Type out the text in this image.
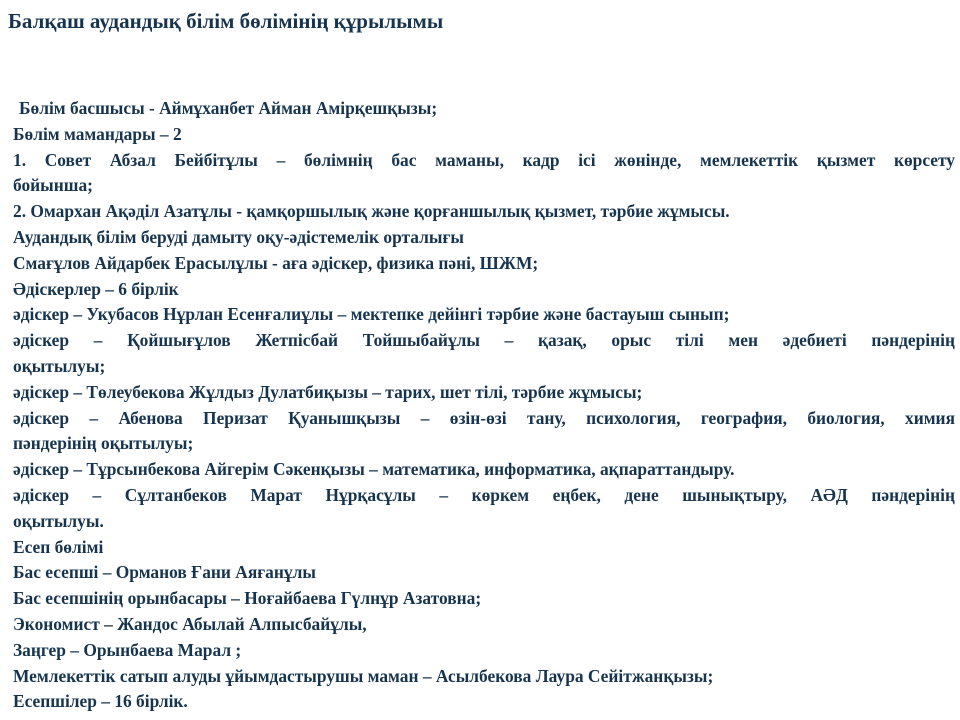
Балқаш аудандық білім бөлімінің құрылымы
Бөлім басшысы - Аймұханбет Айман Амірқешқызы;
Бөлім мамандары – 2
1. Совет Абзал Бейбітұлы – бөлімнің бас маманы, кадр ісі жөнінде, мемлекеттік қызмет көрсету
бойынша;
2. Омархан Ақәділ Азатұлы - қамқоршылық және қорғаншылық қызмет, тәрбие жұмысы.
Аудандық білім беруді дамыту оқу-әдістемелік орталығы
Смағұлов Айдарбек Ерасылұлы - аға әдіскер, физика пәні, ШЖМ;
Әдіскерлер – 6 бірлік
әдіскер – Укубасов Нұрлан Есенғалиұлы – мектепке дейінгі тәрбие және бастауыш сынып;
әдіскер – Қойшығұлов Жетпісбай Тойшыбайұлы – қазақ, орыс тілі мен әдебиеті пәндерінің
оқытылуы;
әдіскер – Төлеубекова Жұлдыз Дулатбиқызы – тарих, шет тілі, тәрбие жұмысы;
әдіскер – Абенова Перизат Қуанышқызы – өзін-өзі тану, психология, география, биология, химия
пәндерінің оқытылуы;
әдіскер – Тұрсынбекова Айгерім Сәкенқызы – математика, информатика, ақпараттандыру.
әдіскер – Сұлтанбеков Марат Нұрқасұлы – көркем еңбек, дене шынықтыру, АӘД пәндерінің
оқытылуы.
Есеп бөлімі
Бас есепші – Орманов Ғани Аяғанұлы
Бас есепшінің орынбасары – Ноғайбаева Гүлнұр Азатовна;
Экономист – Жандос Абылай Алпысбайұлы,
Заңгер – Орынбаева Марал ;
Мемлекеттік сатып алуды ұйымдастырушы маман – Асылбекова Лаура Сейітжанқызы;
Есепшілер – 16 бірлік.
